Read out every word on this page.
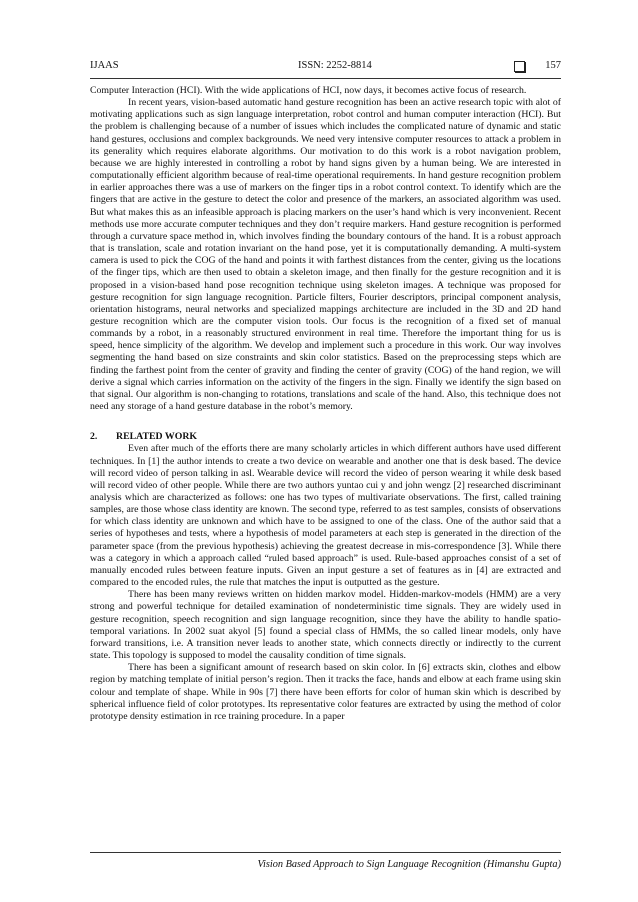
IJAAS	ISSN: 2252-8814	157

Computer Interaction (HCI). With the wide applications of HCI, now days, it becomes active focus of research.

In recent years, vision-based automatic hand gesture recognition has been an active research topic with alot of motivating applications such as sign language interpretation, robot control and human computer interaction (HCI). But the problem is challenging because of a number of issues which includes the complicated nature of dynamic and static hand gestures, occlusions and complex backgrounds. We need very intensive computer resources to attack a problem in its generality which requires elaborate algorithms. Our motivation to do this work is a robot navigation problem, because we are highly interested in controlling a robot by hand signs given by a human being. We are interested in computationally efficient algorithm because of real-time operational requirements. In hand gesture recognition problem in earlier approaches there was a use of markers on the finger tips in a robot control context. To identify which are the fingers that are active in the gesture to detect the color and presence of the markers, an associated algorithm was used. But what makes this as an infeasible approach is placing markers on the user’s hand which is very inconvenient. Recent methods use more accurate computer techniques and they don’t require markers. Hand gesture recognition is performed through a curvature space method in, which involves finding the boundary contours of the hand. It is a robust approach that is translation, scale and rotation invariant on the hand pose, yet it is computationally demanding. A multi-system camera is used to pick the COG of the hand and points it with farthest distances from the center, giving us the locations of the finger tips, which are then used to obtain a skeleton image, and then finally for the gesture recognition and it is proposed in a vision-based hand pose recognition technique using skeleton images. A technique was proposed for gesture recognition for sign language recognition. Particle filters, Fourier descriptors, principal component analysis, orientation histograms, neural networks and specialized mappings architecture are included in the 3D and 2D hand gesture recognition which are the computer vision tools. Our focus is the recognition of a fixed set of manual commands by a robot, in a reasonably structured environment in real time. Therefore the important thing for us is speed, hence simplicity of the algorithm. We develop and implement such a procedure in this work. Our way involves segmenting the hand based on size constraints and skin color statistics. Based on the preprocessing steps which are finding the farthest point from the center of gravity and finding the center of gravity (COG) of the hand region, we will derive a signal which carries information on the activity of the fingers in the sign. Finally we identify the sign based on that signal. Our algorithm is non-changing to rotations, translations and scale of the hand. Also, this technique does not need any storage of a hand gesture database in the robot’s memory.

2. RELATED WORK

Even after much of the efforts there are many scholarly articles in which different authors have used different techniques. In [1] the author intends to create a two device on wearable and another one that is desk based. The device will record video of person talking in asl. Wearable device will record the video of person wearing it while desk based will record video of other people. While there are two authors yuntao cui y and john wengz [2] researched discriminant analysis which are characterized as follows: one has two types of multivariate observations. The first, called training samples, are those whose class identity are known. The second type, referred to as test samples, consists of observations for which class identity are unknown and which have to be assigned to one of the class. One of the author said that a series of hypotheses and tests, where a hypothesis of model parameters at each step is generated in the direction of the parameter space (from the previous hypothesis) achieving the greatest decrease in mis-correspondence [3]. While there was a category in which a approach called “ruled based approach” is used. Rule-based approaches consist of a set of manually encoded rules between feature inputs. Given an input gesture a set of features as in [4] are extracted and compared to the encoded rules, the rule that matches the input is outputted as the gesture.

There has been many reviews written on hidden markov model. Hidden-markov-models (HMM) are a very strong and powerful technique for detailed examination of nondeterministic time signals. They are widely used in gesture recognition, speech recognition and sign language recognition, since they have the ability to handle spatio-temporal variations. In 2002 suat akyol [5] found a special class of HMMs, the so called linear models, only have forward transitions, i.e. A transition never leads to another state, which connects directly or indirectly to the current state. This topology is supposed to model the causality condition of time signals.

There has been a significant amount of research based on skin color. In [6] extracts skin, clothes and elbow region by matching template of initial person’s region. Then it tracks the face, hands and elbow at each frame using skin colour and template of shape. While in 90s [7] there have been efforts for color of human skin which is described by spherical influence field of color prototypes. Its representative color features are extracted by using the method of color prototype density estimation in rce training procedure. In a paper

Vision Based Approach to Sign Language Recognition (Himanshu Gupta)
